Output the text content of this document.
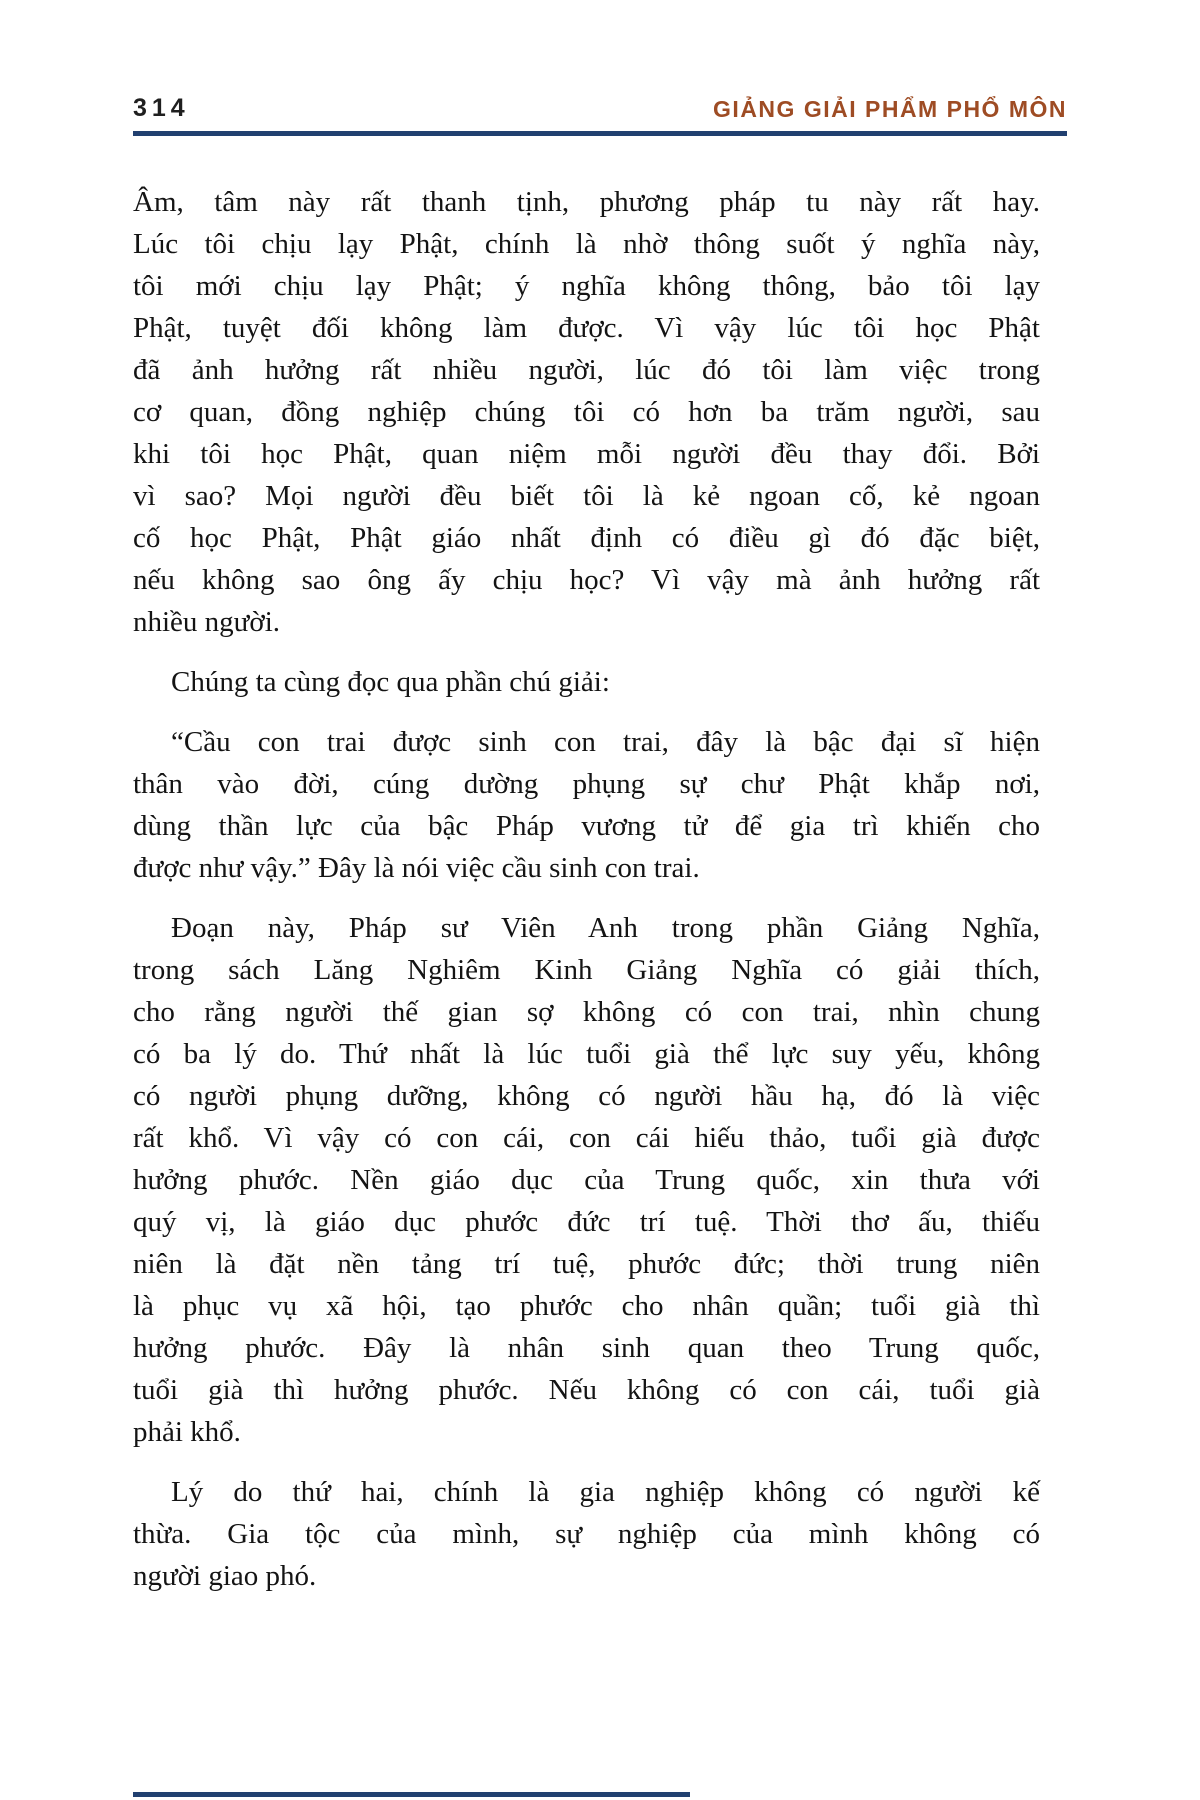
314	GIẢNG GIẢI PHẨM PHỔ MÔN
Âm, tâm này rất thanh tịnh, phương pháp tu này rất hay.
Lúc tôi chịu lạy Phật, chính là nhờ thông suốt ý nghĩa này,
tôi mới chịu lạy Phật; ý nghĩa không thông, bảo tôi lạy
Phật, tuyệt đối không làm được. Vì vậy lúc tôi học Phật
đã ảnh hưởng rất nhiều người, lúc đó tôi làm việc trong
cơ quan, đồng nghiệp chúng tôi có hơn ba trăm người, sau
khi tôi học Phật, quan niệm mỗi người đều thay đổi. Bởi
vì sao? Mọi người đều biết tôi là kẻ ngoan cố, kẻ ngoan
cố học Phật, Phật giáo nhất định có điều gì đó đặc biệt,
nếu không sao ông ấy chịu học? Vì vậy mà ảnh hưởng rất
nhiều người.
Chúng ta cùng đọc qua phần chú giải:
“Cầu con trai được sinh con trai, đây là bậc đại sĩ hiện
thân vào đời, cúng dường phụng sự chư Phật khắp nơi,
dùng thần lực của bậc Pháp vương tử để gia trì khiến cho
được như vậy.” Đây là nói việc cầu sinh con trai.
Đoạn này, Pháp sư Viên Anh trong phần Giảng Nghĩa,
trong sách Lăng Nghiêm Kinh Giảng Nghĩa có giải thích,
cho rằng người thế gian sợ không có con trai, nhìn chung
có ba lý do. Thứ nhất là lúc tuổi già thể lực suy yếu, không
có người phụng dưỡng, không có người hầu hạ, đó là việc
rất khổ. Vì vậy có con cái, con cái hiếu thảo, tuổi già được
hưởng phước. Nền giáo dục của Trung quốc, xin thưa với
quý vị, là giáo dục phước đức trí tuệ. Thời thơ ấu, thiếu
niên là đặt nền tảng trí tuệ, phước đức; thời trung niên
là phục vụ xã hội, tạo phước cho nhân quần; tuổi già thì
hưởng phước. Đây là nhân sinh quan theo Trung quốc,
tuổi già thì hưởng phước. Nếu không có con cái, tuổi già
phải khổ.
Lý do thứ hai, chính là gia nghiệp không có người kế
thừa. Gia tộc của mình, sự nghiệp của mình không có
người giao phó.
